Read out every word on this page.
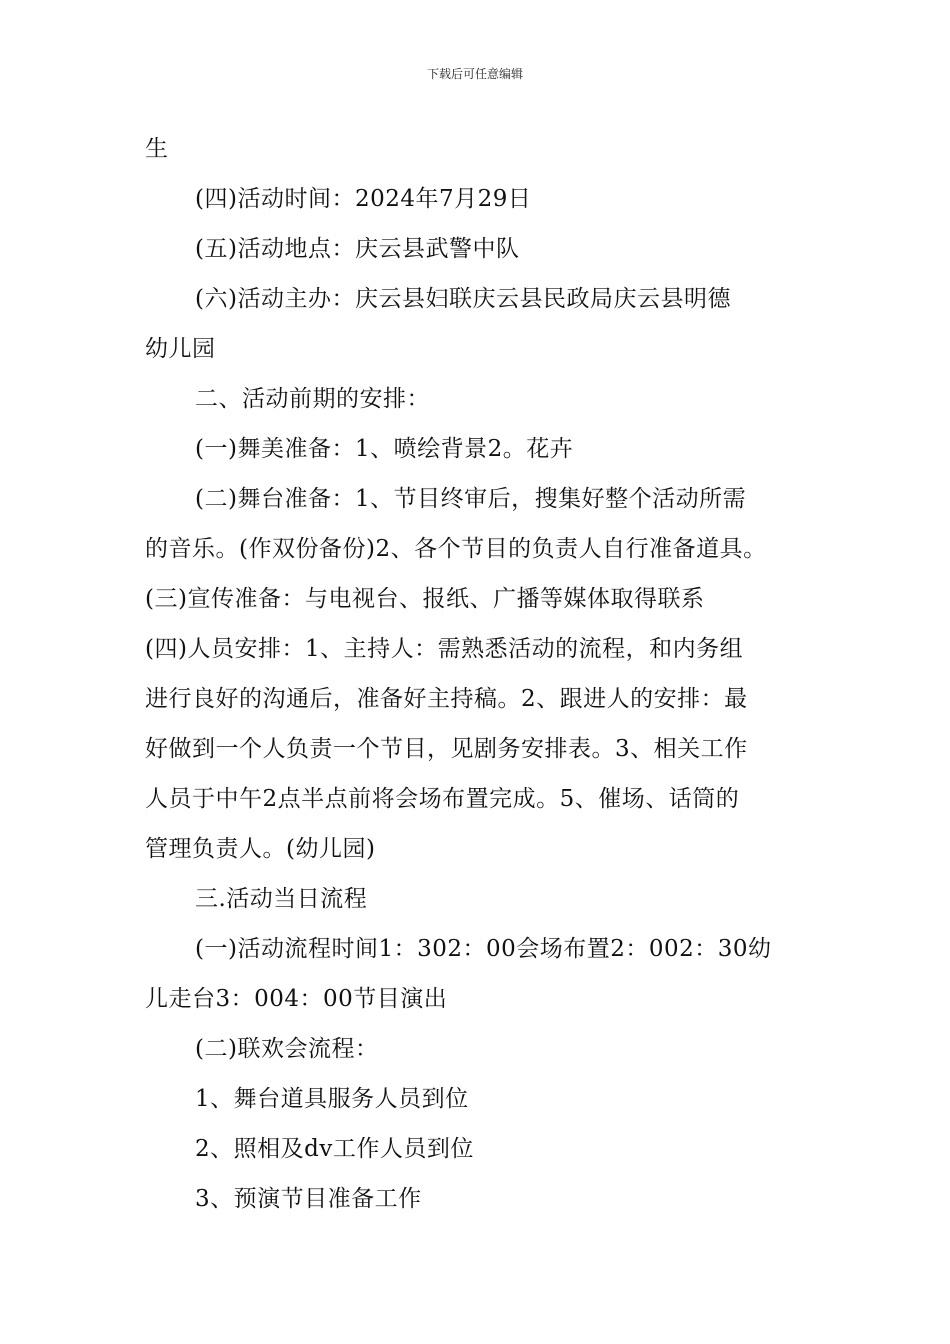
下载后可任意编辑
生
(四)活动时间：2024年7月29日
(五)活动地点：庆云县武警中队
(六)活动主办：庆云县妇联庆云县民政局庆云县明德
幼儿园
二、活动前期的安排：
(一)舞美准备：1、喷绘背景2。花卉
(二)舞台准备：1、节目终审后，搜集好整个活动所需
的音乐。(作双份备份)2、各个节目的负责人自行准备道具。
(三)宣传准备：与电视台、报纸、广播等媒体取得联系
(四)人员安排：1、主持人：需熟悉活动的流程，和内务组
进行良好的沟通后，准备好主持稿。2、跟进人的安排：最
好做到一个人负责一个节目，见剧务安排表。3、相关工作
人员于中午2点半点前将会场布置完成。5、催场、话筒的
管理负责人。(幼儿园)
三.活动当日流程
(一)活动流程时间1：302：00会场布置2：002：30幼
儿走台3：004：00节目演出
(二)联欢会流程：
1、舞台道具服务人员到位
2、照相及dv工作人员到位
3、预演节目准备工作
